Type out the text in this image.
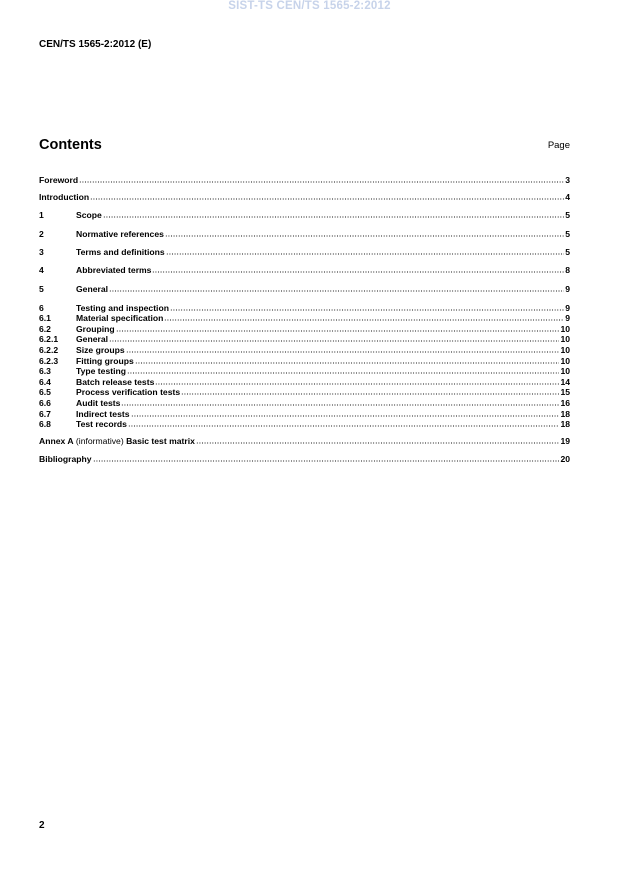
SIST-TS CEN/TS 1565-2:2012
CEN/TS 1565-2:2012 (E)
Contents	Page
Foreword	3
Introduction	4
1	Scope	5
2	Normative references	5
3	Terms and definitions	5
4	Abbreviated terms	8
5	General	9
6	Testing and inspection	9
6.1	Material specification	9
6.2	Grouping	10
6.2.1	General	10
6.2.2	Size groups	10
6.2.3	Fitting groups	10
6.3	Type testing	10
6.4	Batch release tests	14
6.5	Process verification tests	15
6.6	Audit tests	16
6.7	Indirect tests	18
6.8	Test records	18
Annex A (informative) Basic test matrix	19
Bibliography	20
2
